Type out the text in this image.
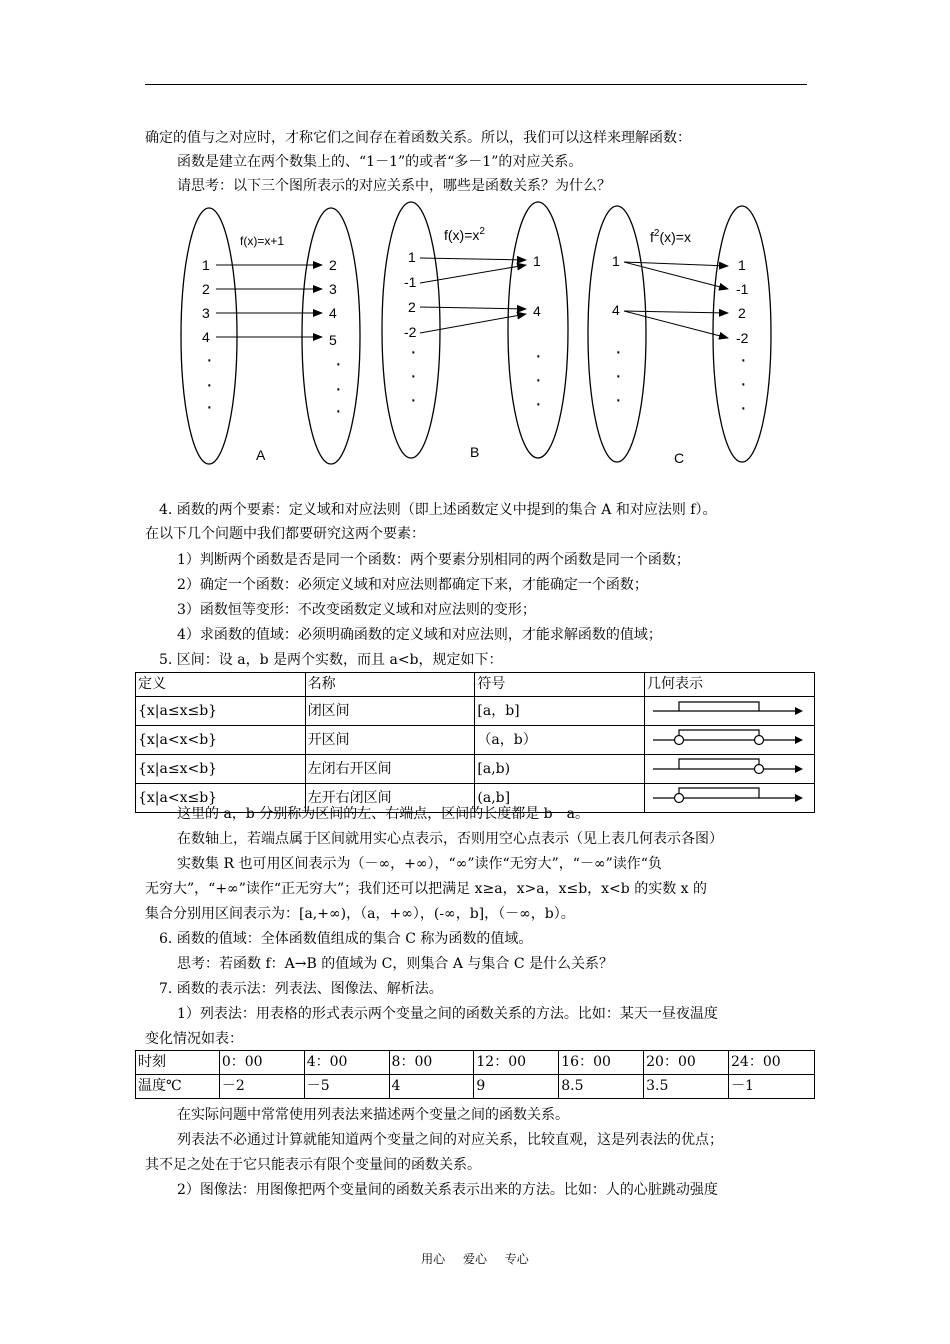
确定的值与之对应时，才称它们之间存在着函数关系。所以，我们可以这样来理解函数：
函数是建立在两个数集上的、“1－1”的或者“多－1”的对应关系。
请思考：以下三个图所表示的对应关系中，哪些是函数关系？为什么？
f(x)=x+1
1
2
3
4
2
3
4
5
·
·
·
·
·
·
A
$f(x)=x^2$
1
-1
2
-2
1
4
·
·
·
·
·
·
B
$f^2(x)=x$
1
4
1
-1
2
-2
·
·
·
·
·
·
C
4. 函数的两个要素：定义域和对应法则（即上述函数定义中提到的集合 A 和对应法则 f）。
在以下几个问题中我们都要研究这两个要素：
1）判断两个函数是否是同一个函数：两个要素分别相同的两个函数是同一个函数；
2）确定一个函数：必须定义域和对应法则都确定下来，才能确定一个函数；
3）函数恒等变形：不改变函数定义域和对应法则的变形；
4）求函数的值域：必须明确函数的定义域和对应法则，才能求解函数的值域；
5. 区间：设 a，b 是两个实数，而且 a<b，规定如下：
定义	名称	符号	几何表示
{x|a≤x≤b}	闭区间	[a，b]	
{x|a<x<b}	开区间	（a，b）	
{x|a≤x<b}	左闭右开区间	[a,b)	
{x|a<x≤b}	左开右闭区间	(a,b]	
这里的 a，b 分别称为区间的左、右端点，区间的长度都是 b－a。
在数轴上，若端点属于区间就用实心点表示，否则用空心点表示（见上表几何表示各图）
实数集 R 也可用区间表示为（－∞，+∞），“∞”读作“无穷大”，“－∞”读作“负
无穷大”，“+∞”读作“正无穷大”；我们还可以把满足 x≥a，x>a，x≤b，x<b 的实数 x 的
集合分别用区间表示为：[a,+∞)，（a，+∞），(-∞，b]，（－∞，b）。
6. 函数的值域：全体函数值组成的集合 C 称为函数的值域。
思考：若函数 f：A→B 的值域为 C，则集合 A 与集合 C 是什么关系？
7. 函数的表示法：列表法、图像法、解析法。
1）列表法：用表格的形式表示两个变量之间的函数关系的方法。比如：某天一昼夜温度
变化情况如表：
时刻	0：00	4：00	8：00	12：00	16：00	20：00	24：00
温度℃	－2	－5	4	9	8.5	3.5	－1
在实际问题中常常使用列表法来描述两个变量之间的函数关系。
列表法不必通过计算就能知道两个变量之间的对应关系，比较直观，这是列表法的优点；
其不足之处在于它只能表示有限个变量间的函数关系。
2）图像法：用图像把两个变量间的函数关系表示出来的方法。比如：人的心脏跳动强度
用心 爱心 专心
